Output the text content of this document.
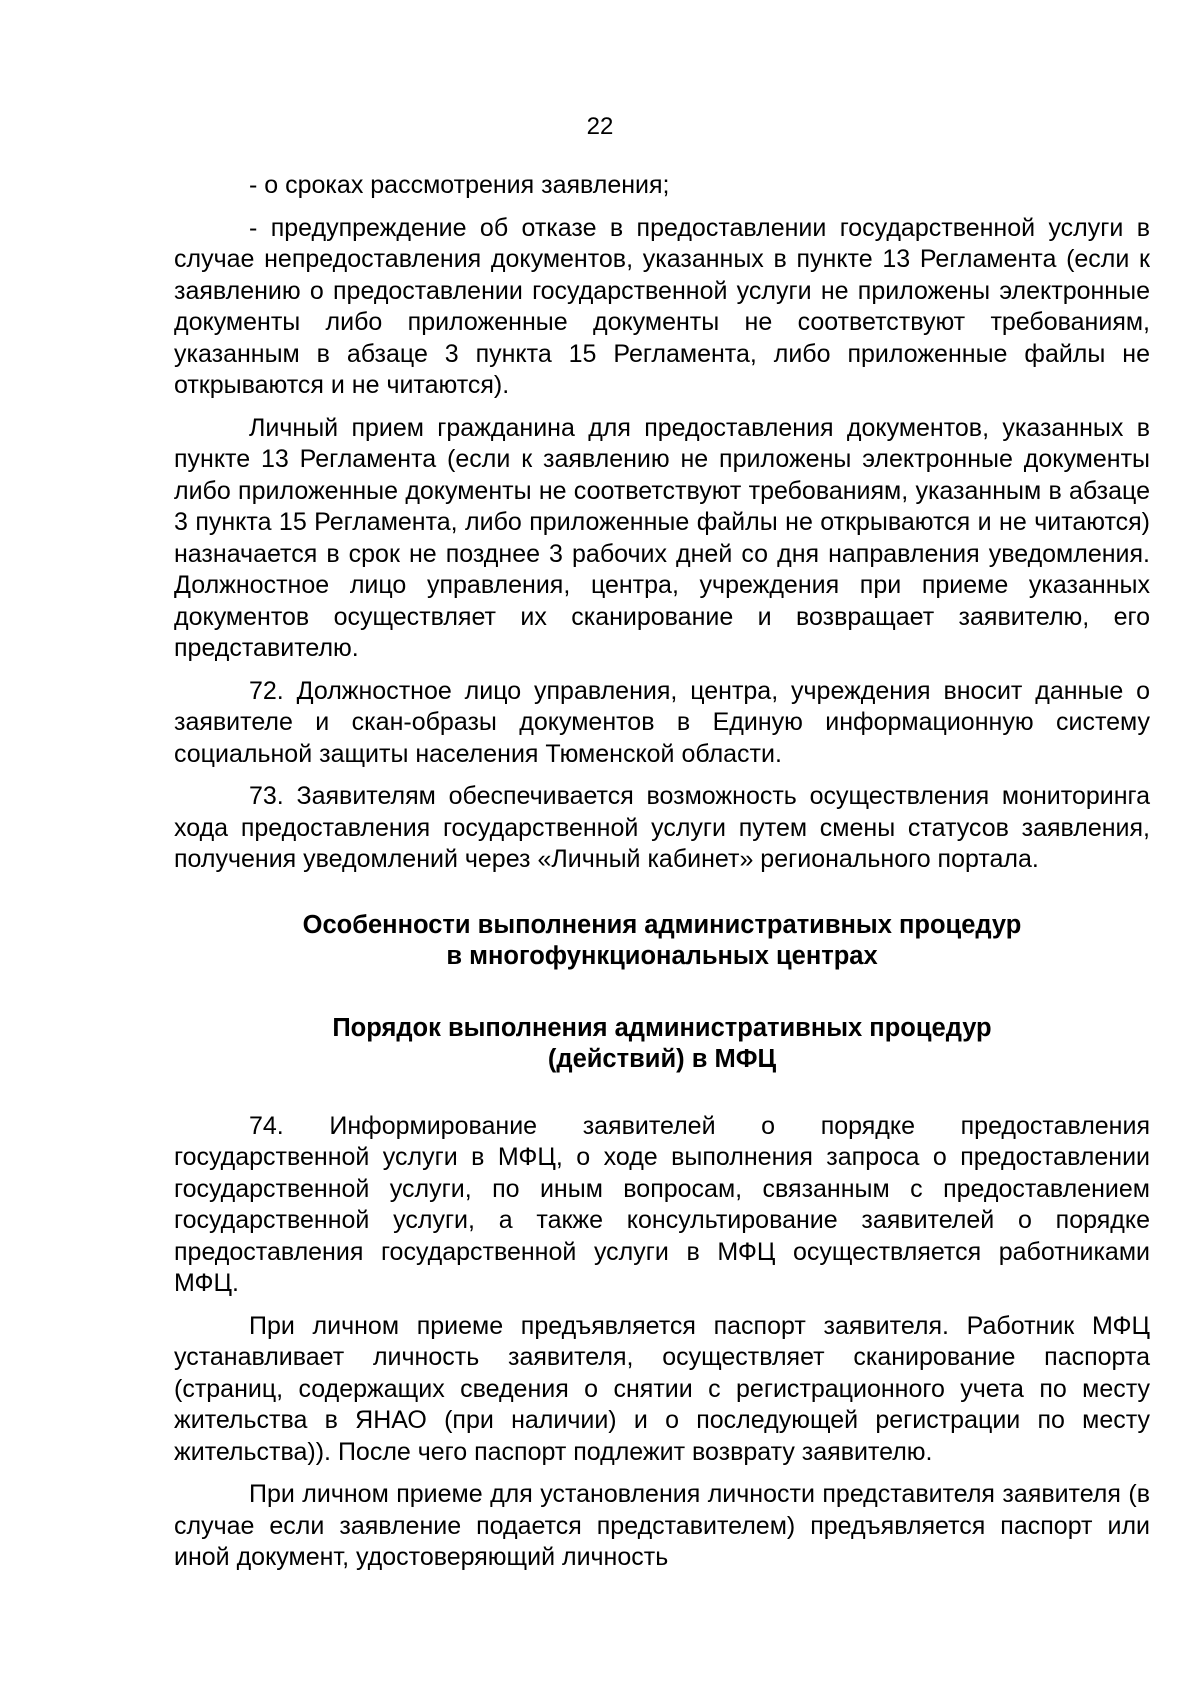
22

- о сроках рассмотрения заявления;

- предупреждение об отказе в предоставлении государственной услуги в случае непредоставления документов, указанных в пункте 13 Регламента (если к заявлению о предоставлении государственной услуги не приложены электронные документы либо приложенные документы не соответствуют требованиям, указанным в абзаце 3 пункта 15 Регламента, либо приложенные файлы не открываются и не читаются).

Личный прием гражданина для предоставления документов, указанных в пункте 13 Регламента (если к заявлению не приложены электронные документы либо приложенные документы не соответствуют требованиям, указанным в абзаце 3 пункта 15 Регламента, либо приложенные файлы не открываются и не читаются) назначается в срок не позднее 3 рабочих дней со дня направления уведомления. Должностное лицо управления, центра, учреждения при приеме указанных документов осуществляет их сканирование и возвращает заявителю, его представителю.

72. Должностное лицо управления, центра, учреждения вносит данные о заявителе и скан-образы документов в Единую информационную систему социальной защиты населения Тюменской области.

73. Заявителям обеспечивается возможность осуществления мониторинга хода предоставления государственной услуги путем смены статусов заявления, получения уведомлений через «Личный кабинет» регионального портала.

Особенности выполнения административных процедур
в многофункциональных центрах
Порядок выполнения административных процедур
(действий) в МФЦ

74. Информирование заявителей о порядке предоставления государственной услуги в МФЦ, о ходе выполнения запроса о предоставлении государственной услуги, по иным вопросам, связанным с предоставлением государственной услуги, а также консультирование заявителей о порядке предоставления государственной услуги в МФЦ осуществляется работниками МФЦ.

При личном приеме предъявляется паспорт заявителя. Работник МФЦ устанавливает личность заявителя, осуществляет сканирование паспорта (страниц, содержащих сведения о снятии с регистрационного учета по месту жительства в ЯНАО (при наличии) и о последующей регистрации по месту жительства)). После чего паспорт подлежит возврату заявителю.

При личном приеме для установления личности представителя заявителя (в случае если заявление подается представителем) предъявляется паспорт или иной документ, удостоверяющий личность
